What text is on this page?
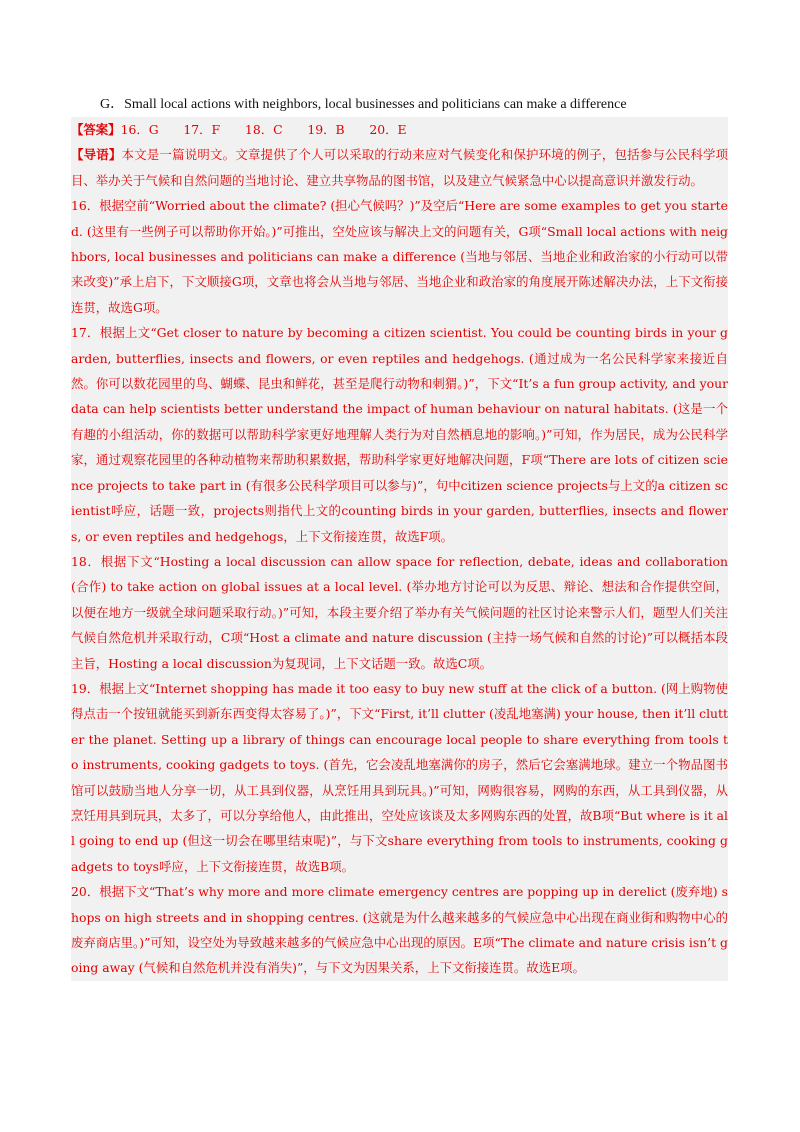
G．Small local actions with neighbors, local businesses and politicians can make a difference

【答案】16．G　　17．F　　18．C　　19．B　　20．E

【导语】本文是一篇说明文。文章提供了个人可以采取的行动来应对气候变化和保护环境的例子，包括参与公民科学项目、举办关于气候和自然问题的当地讨论、建立共享物品的图书馆，以及建立气候紧急中心以提高意识并激发行动。

16．根据空前“Worried about the climate? (担心气候吗？)”及空后“Here are some examples to get you started. (这里有一些例子可以帮助你开始。)”可推出，空处应该与解决上文的问题有关，G项“Small local actions with neighbors, local businesses and politicians can make a difference (当地与邻居、当地企业和政治家的小行动可以带来改变)”承上启下，下文顺接G项，文章也将会从当地与邻居、当地企业和政治家的角度展开陈述解决办法，上下文衔接连贯，故选G项。

17．根据上文“Get closer to nature by becoming a citizen scientist. You could be counting birds in your garden, butterflies, insects and flowers, or even reptiles and hedgehogs. (通过成为一名公民科学家来接近自然。你可以数花园里的鸟、蝴蝶、昆虫和鲜花，甚至是爬行动物和刺猬。)”，下文“It’s a fun group activity, and your data can help scientists better understand the impact of human behaviour on natural habitats. (这是一个有趣的小组活动，你的数据可以帮助科学家更好地理解人类行为对自然栖息地的影响。)”可知，作为居民，成为公民科学家，通过观察花园里的各种动植物来帮助积累数据，帮助科学家更好地解决问题，F项“There are lots of citizen science projects to take part in (有很多公民科学项目可以参与)”，句中citizen science projects与上文的a citizen scientist呼应，话题一致，projects则指代上文的counting birds in your garden, butterflies, insects and flowers, or even reptiles and hedgehogs，上下文衔接连贯，故选F项。

18．根据下文“Hosting a local discussion can allow space for reflection, debate, ideas and collaboration (合作) to take action on global issues at a local level. (举办地方讨论可以为反思、辩论、想法和合作提供空间，以便在地方一级就全球问题采取行动。)”可知，本段主要介绍了举办有关气候问题的社区讨论来警示人们，题型人们关注气候自然危机并采取行动，C项“Host a climate and nature discussion (主持一场气候和自然的讨论)”可以概括本段主旨，Hosting a local discussion为复现词，上下文话题一致。故选C项。

19．根据上文“Internet shopping has made it too easy to buy new stuff at the click of a button. (网上购物使得点击一个按钮就能买到新东西变得太容易了。)”，下文“First, it’ll clutter (凌乱地塞满) your house, then it’ll clutter the planet. Setting up a library of things can encourage local people to share everything from tools to instruments, cooking gadgets to toys. (首先，它会凌乱地塞满你的房子，然后它会塞满地球。建立一个物品图书馆可以鼓励当地人分享一切，从工具到仪器，从烹饪用具到玩具。)”可知，网购很容易，网购的东西，从工具到仪器，从烹饪用具到玩具，太多了，可以分享给他人，由此推出，空处应该谈及太多网购东西的处置，故B项“But where is it all going to end up (但这一切会在哪里结束呢)”，与下文share everything from tools to instruments, cooking gadgets to toys呼应，上下文衔接连贯，故选B项。

20．根据下文“That’s why more and more climate emergency centres are popping up in derelict (废弃地) shops on high streets and in shopping centres. (这就是为什么越来越多的气候应急中心出现在商业街和购物中心的废弃商店里。)”可知，设空处为导致越来越多的气候应急中心出现的原因。E项“The climate and nature crisis isn’t going away (气候和自然危机并没有消失)”，与下文为因果关系，上下文衔接连贯。故选E项。
